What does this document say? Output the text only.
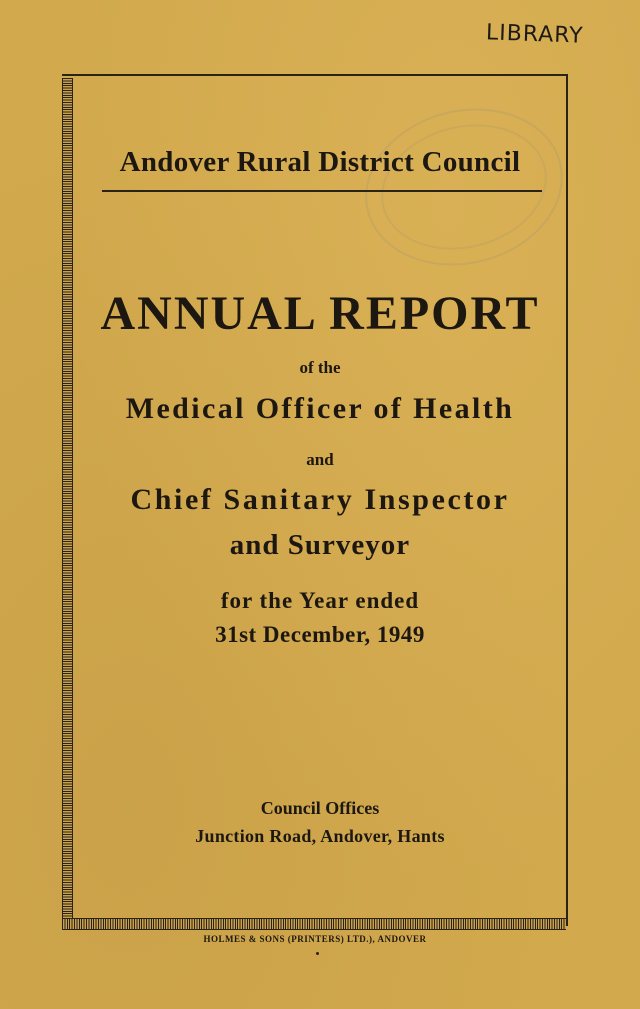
LIBRARY
Andover Rural District Council
ANNUAL REPORT
of the
Medical Officer of Health
and
Chief Sanitary Inspector
and Surveyor
for the Year ended
31st December, 1949
Council Offices
Junction Road, Andover, Hants
HOLMES & SONS (PRINTERS) LTD.), ANDOVER
